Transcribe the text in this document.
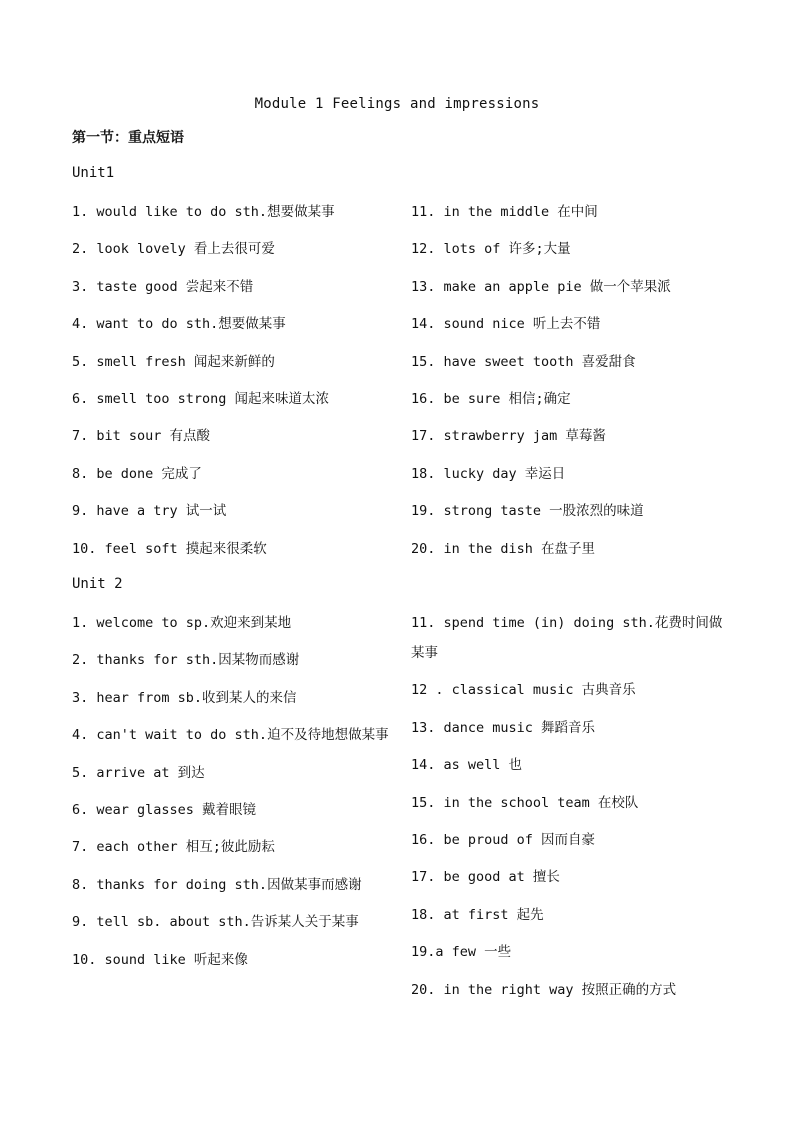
Module 1 Feelings and impressions
第一节：重点短语
Unit1
1. would like to do sth.想要做某事
2. look lovely 看上去很可爱
3. taste good 尝起来不错
4. want to do sth.想要做某事
5. smell fresh 闻起来新鲜的
6. smell too strong 闻起来味道太浓
7. bit sour 有点酸
8. be done 完成了
9. have a try 试一试
10. feel soft 摸起来很柔软
11. in the middle 在中间
12. lots of 许多;大量
13. make an apple pie 做一个苹果派
14. sound nice 听上去不错
15. have sweet tooth 喜爱甜食
16. be sure 相信;确定
17. strawberry jam 草莓酱
18. lucky day 幸运日
19. strong taste 一股浓烈的味道
20. in the dish 在盘子里
Unit 2
1. welcome to sp.欢迎来到某地
2. thanks for sth.因某物而感谢
3. hear from sb.收到某人的来信
4. can't wait to do sth.迫不及待地想做某事
5. arrive at 到达
6. wear glasses 戴着眼镜
7. each other 相互;彼此励耘
8. thanks for doing sth.因做某事而感谢
9. tell sb. about sth.告诉某人关于某事
10. sound like 听起来像
11. spend time (in) doing sth.花费时间做某事
12 . classical music 古典音乐
13. dance music 舞蹈音乐
14. as well 也
15. in the school team 在校队
16. be proud of 因而自豪
17. be good at 擅长
18. at first 起先
19.a few 一些
20. in the right way 按照正确的方式
